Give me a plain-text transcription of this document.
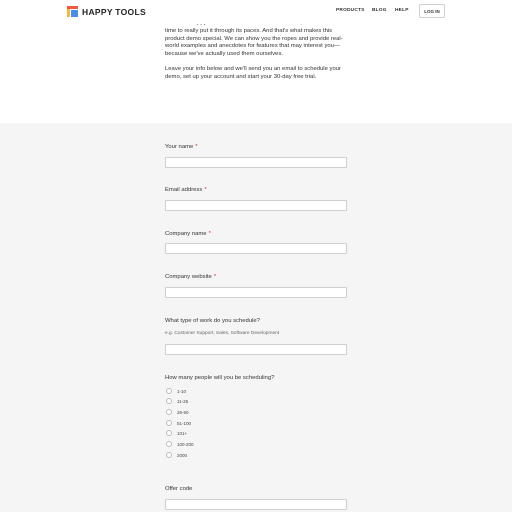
HAPPY TOOLS	PRODUCTS BLOG HELP	LOG IN

time to really put it through its paces. And that's what makes this product demo special. We can show you the ropes and provide real-world examples and anecdotes for features that may interest you—because we've actually used them ourselves.

Leave your info below and we'll send you an email to schedule your demo, set up your account and start your 30-day free trial.

Your name *
Email address *
Company name *
Company website *
What type of work do you schedule?
e.g. Customer Support, Sales, Software Development
How many people will you be scheduling?
1-10
11-25
26-50
51-100
101+
100-200
2000
Offer code
